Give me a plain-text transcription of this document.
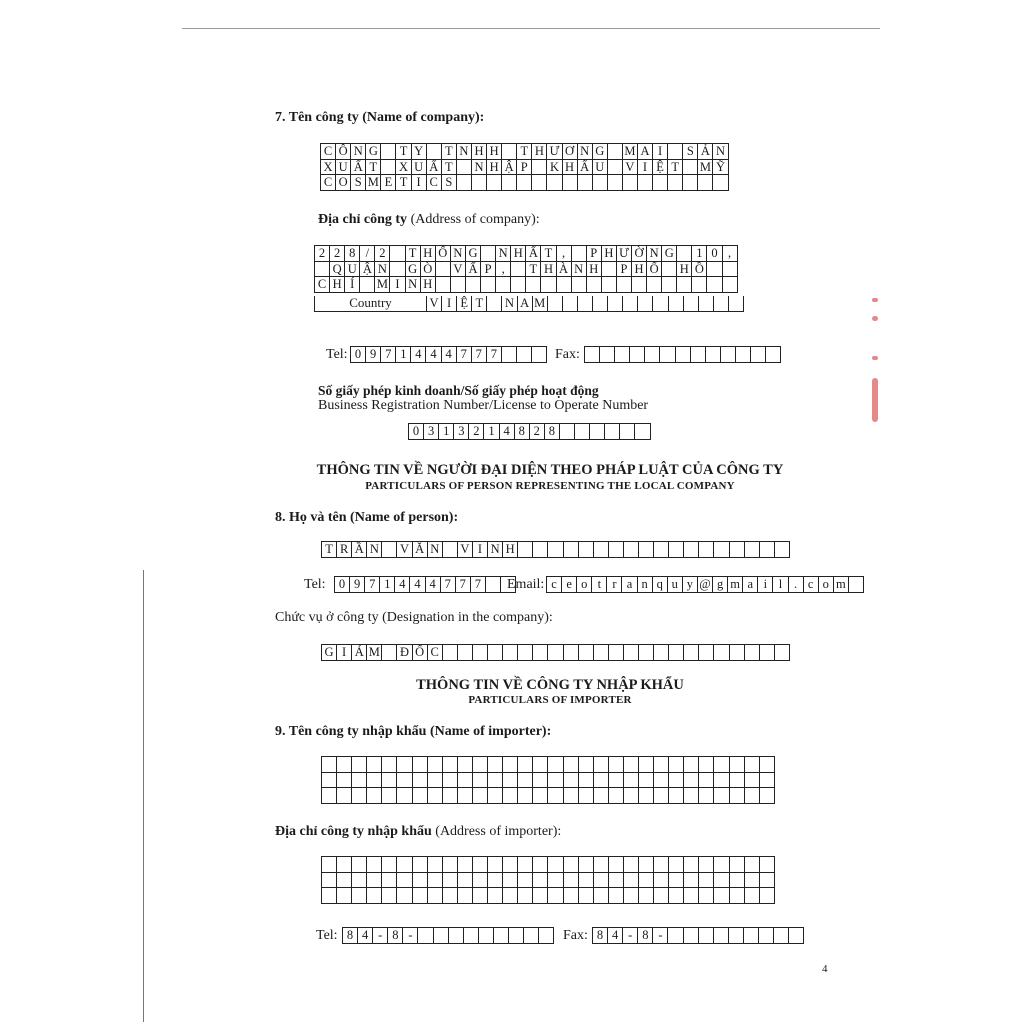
7. Tên công ty (Name of company):
C Ô N G T Y T N H H T H Ư Ơ N G M A I	S Ả N
X U Ấ T	X U Ấ T	N H Ậ P	K H Ẩ U V I Ệ T	M Ỹ
C O S M E T I C S
Địa chỉ công ty (Address of company):
2 2 8 / 2	T H Ố N G N H Ấ T ,	P H Ư Ờ N G	1 0 ,
Q U Ậ N G Ò V Ấ P ,	T H À N H P H Ố H Ồ
C H Í	M I N H
Country	V I Ệ T	N A M
Tel: 0 9 7 1 4 4 4 7 7 7	Fax:
Số giấy phép kinh doanh/Số giấy phép hoạt động
Business Registration Number/License to Operate Number
0 3 1 3 2 1 4 8 2 8
THÔNG TIN VỀ NGƯỜI ĐẠI DIỆN THEO PHÁP LUẬT CỦA CÔNG TY
PARTICULARS OF PERSON REPRESENTING THE LOCAL COMPANY
8. Họ và tên (Name of person):
T R Ầ N V Ă N V I N H
Tel:	0 9 7 1 4 4 4 7 7 7	Email: c e o t r a n q u y @ g m a i l . c o m
Chức vụ ở công ty (Designation in the company):
G I Á M Đ Ố C
THÔNG TIN VỀ CÔNG TY NHẬP KHẨU
PARTICULARS OF IMPORTER
9. Tên công ty nhập khẩu (Name of importer):
Địa chỉ công ty nhập khẩu (Address of importer):
Tel: 8 4 - 8 -	Fax: 8 4 - 8 -
4
